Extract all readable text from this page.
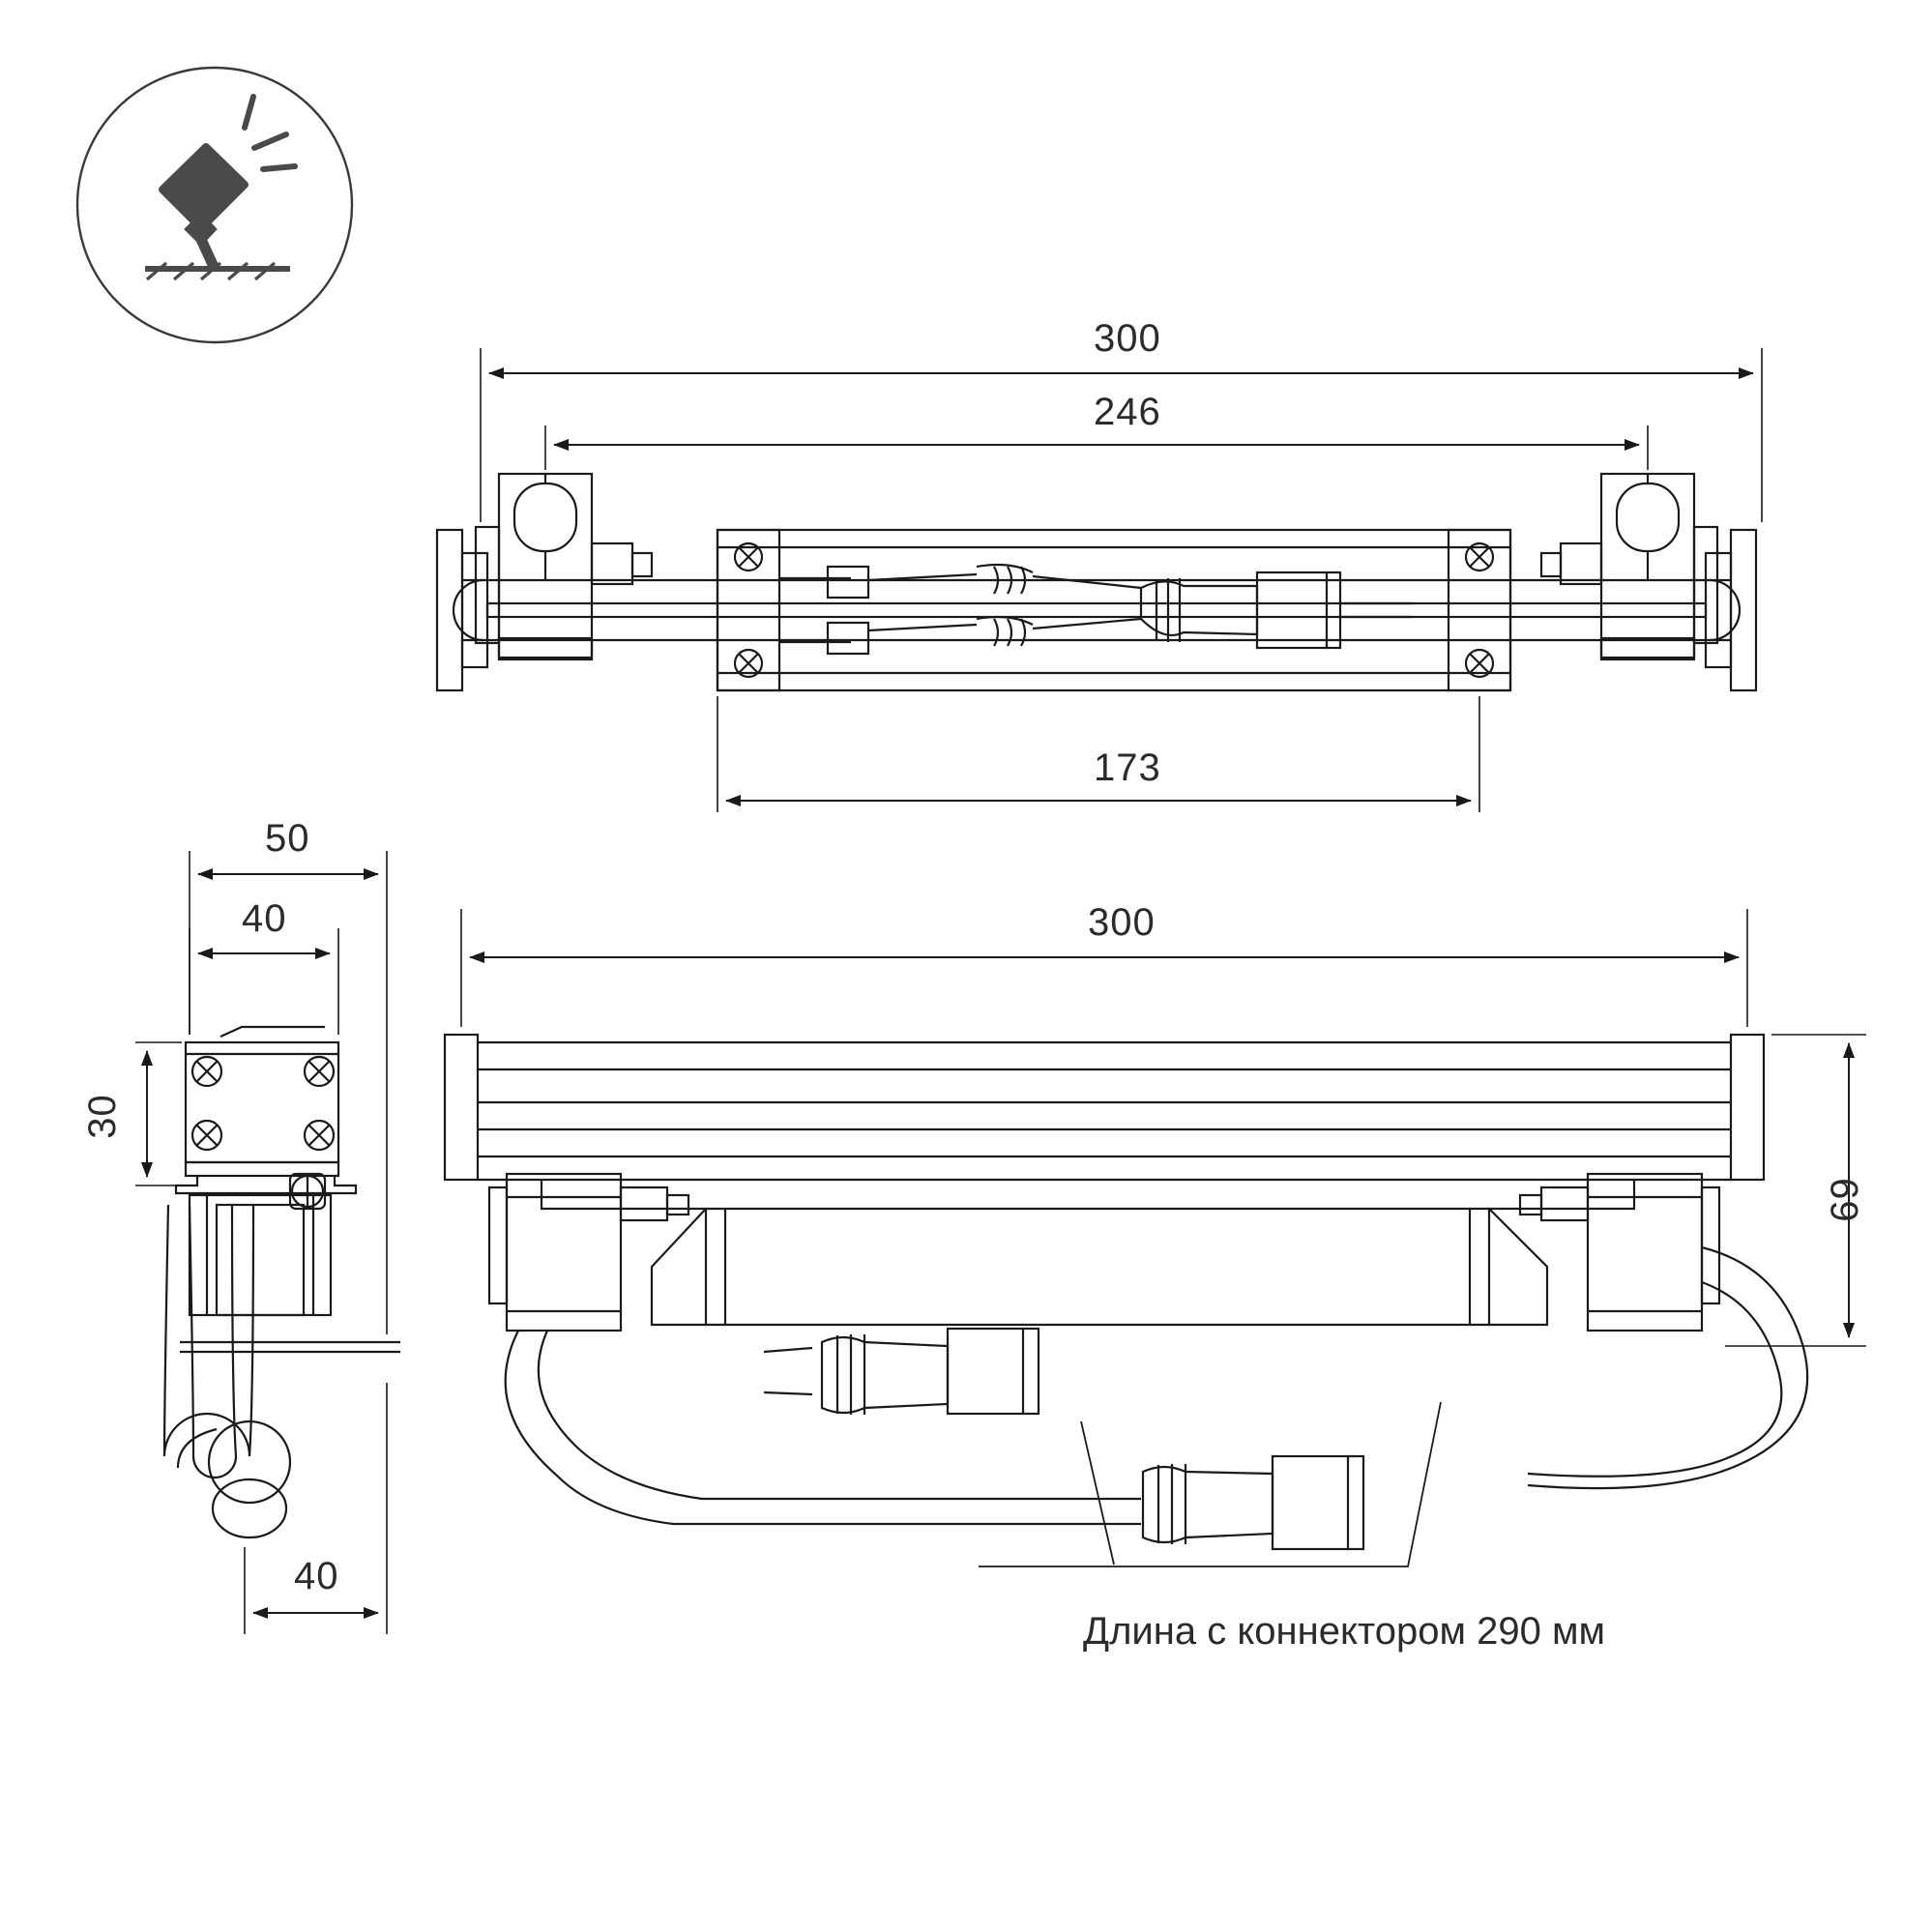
300
246
173
50
40
30
40
300
69
Длина с коннектором 290 мм
